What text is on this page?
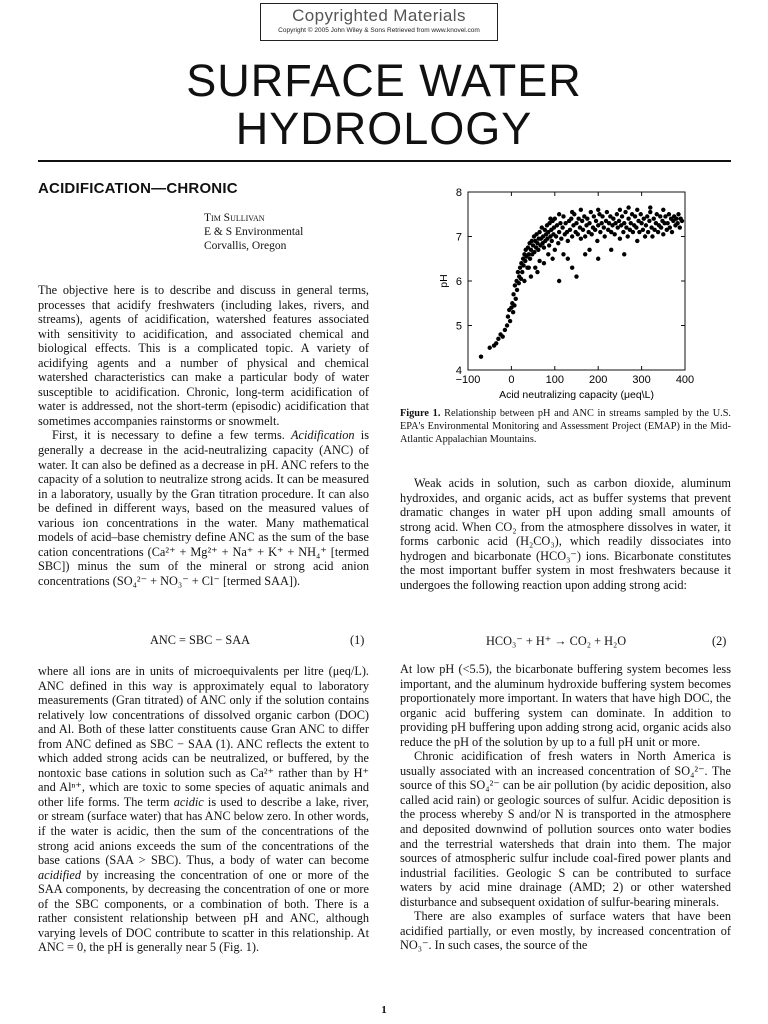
Copyrighted Materials
Copyright © 2005 John Wiley & Sons Retrieved from www.knovel.com
SURFACE WATER
HYDROLOGY
ACIDIFICATION—CHRONIC
Tim Sullivan
E & S Environmental
Corvallis, Oregon

The objective here is to describe and discuss in general terms, processes that acidify freshwaters (including lakes, rivers, and streams), agents of acidification, watershed features associated with sensitivity to acidification, and associated chemical and biological effects. This is a complicated topic. A variety of acidifying agents and a number of physical and chemical watershed characteristics can make a particular body of water susceptible to acidification. Chronic, long-term acidification of water is addressed, not the short-term (episodic) acidification that sometimes accompanies rainstorms or snowmelt.

First, it is necessary to define a few terms. Acidification is generally a decrease in the acid-neutralizing capacity (ANC) of water. It can also be defined as a decrease in pH. ANC refers to the capacity of a solution to neutralize strong acids. It can be measured in a laboratory, usually by the Gran titration procedure. It can also be defined in different ways, based on the measured values of various ion concentrations in the water. Many mathematical models of acid–base chemistry define ANC as the sum of the base cation concentrations (Ca²⁺ + Mg²⁺ + Na⁺ + K⁺ + NH₄⁺ [termed SBC]) minus the sum of the mineral or strong acid anion concentrations (SO₄²⁻ + NO₃⁻ + Cl⁻ [termed SAA]).

ANC = SBC − SAA	(1)

where all ions are in units of microequivalents per litre (μeq/L). ANC defined in this way is approximately equal to laboratory measurements (Gran titrated) of ANC only if the solution contains relatively low concentrations of dissolved organic carbon (DOC) and Al. Both of these latter constituents cause Gran ANC to differ from ANC defined as SBC − SAA (1). ANC reflects the extent to which added strong acids can be neutralized, or buffered, by the nontoxic base cations in solution such as Ca²⁺ rather than by H⁺ and Alⁿ⁺, which are toxic to some species of aquatic animals and other life forms. The term acidic is used to describe a lake, river, or stream (surface water) that has ANC below zero. In other words, if the water is acidic, then the sum of the concentrations of the strong acid anions exceeds the sum of the concentrations of the base cations (SAA > SBC). Thus, a body of water can become acidified by increasing the concentration of one or more of the SAA components, by decreasing the concentration of one or more of the SBC components, or a combination of both. There is a rather consistent relationship between pH and ANC, although varying levels of DOC contribute to scatter in this relationship. At ANC = 0, the pH is generally near 5 (Fig. 1).

−100	0	100 200 300 400
4
5
6
7
8
Acid neutralizing capacity (μeq\L)
pH
Figure 1. Relationship between pH and ANC in streams sampled by the U.S. EPA's Environmental Monitoring and Assessment Project (EMAP) in the Mid-Atlantic Appalachian Mountains.

Weak acids in solution, such as carbon dioxide, aluminum hydroxides, and organic acids, act as buffer systems that prevent dramatic changes in water pH upon adding small amounts of strong acid. When CO₂ from the atmosphere dissolves in water, it forms carbonic acid (H₂CO₃), which readily dissociates into hydrogen and bicarbonate (HCO₃⁻) ions. Bicarbonate constitutes the most important buffer system in most freshwaters because it undergoes the following reaction upon adding strong acid:

HCO₃⁻ + H⁺ → CO₂ + H₂O	(2)

At low pH (<5.5), the bicarbonate buffering system becomes less important, and the aluminum hydroxide buffering system becomes proportionately more important. In waters that have high DOC, the organic acid buffering system can dominate. In addition to providing pH buffering upon adding strong acid, organic acids also reduce the pH of the solution by up to a full pH unit or more.

Chronic acidification of fresh waters in North America is usually associated with an increased concentration of SO₄²⁻. The source of this SO₄²⁻ can be air pollution (by acidic deposition, also called acid rain) or geologic sources of sulfur. Acidic deposition is the process whereby S and/or N is transported in the atmosphere and deposited downwind of pollution sources onto water bodies and the terrestrial watersheds that drain into them. The major sources of atmospheric sulfur include coal-fired power plants and industrial facilities. Geologic S can be contributed to surface waters by acid mine drainage (AMD; 2) or other watershed disturbance and subsequent oxidation of sulfur-bearing minerals.

There are also examples of surface waters that have been acidified partially, or even mostly, by increased concentration of NO₃⁻. In such cases, the source of the

1
